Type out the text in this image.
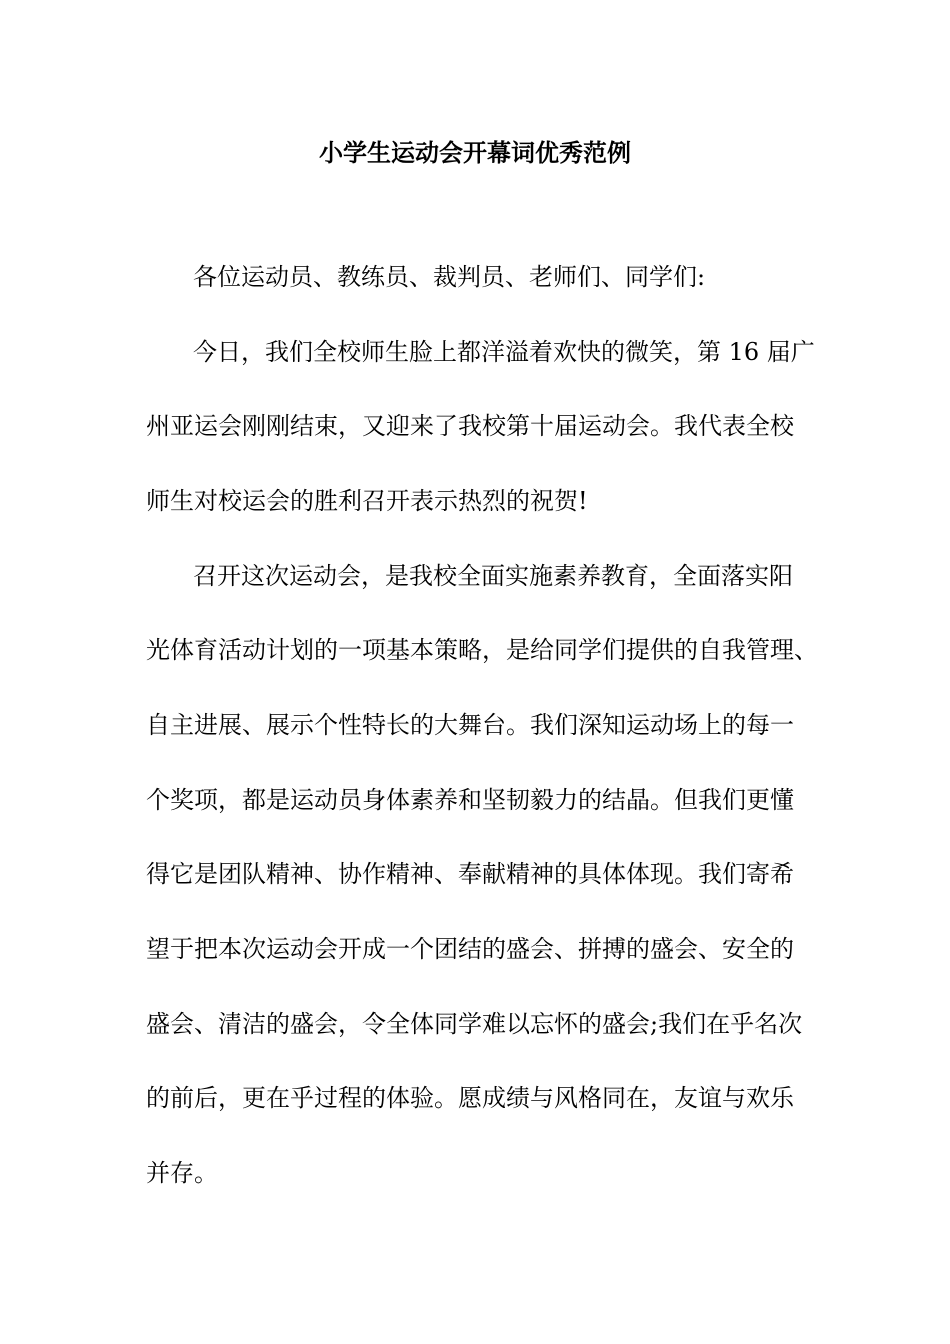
小学生运动会开幕词优秀范例
各位运动员、教练员、裁判员、老师们、同学们:
今日，我们全校师生脸上都洋溢着欢快的微笑，第 16 届广
州亚运会刚刚结束，又迎来了我校第十届运动会。我代表全校
师生对校运会的胜利召开表示热烈的祝贺!
召开这次运动会，是我校全面实施素养教育，全面落实阳
光体育活动计划的一项基本策略，是给同学们提供的自我管理、
自主进展、展示个性特长的大舞台。我们深知运动场上的每一
个奖项，都是运动员身体素养和坚韧毅力的结晶。但我们更懂
得它是团队精神、协作精神、奉献精神的具体体现。我们寄希
望于把本次运动会开成一个团结的盛会、拼搏的盛会、安全的
盛会、清洁的盛会，令全体同学难以忘怀的盛会;我们在乎名次
的前后，更在乎过程的体验。愿成绩与风格同在，友谊与欢乐
并存。
